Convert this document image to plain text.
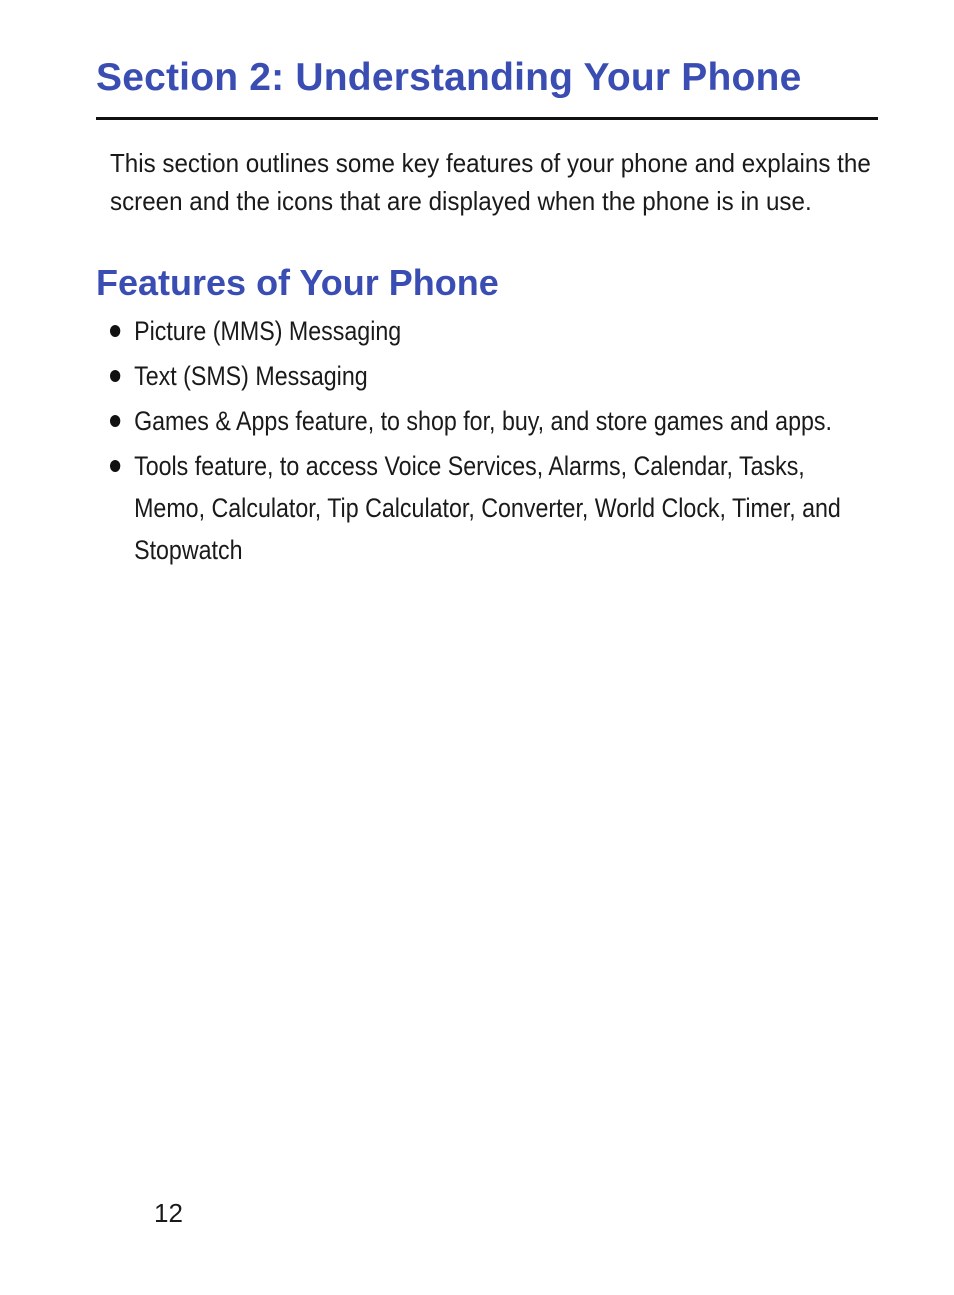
Section 2: Understanding Your Phone

This section outlines some key features of your phone and explains the screen and the icons that are displayed when the phone is in use.

Features of Your Phone
Picture (MMS) Messaging
Text (SMS) Messaging
Games & Apps feature, to shop for, buy, and store games and apps.
Tools feature, to access Voice Services, Alarms, Calendar, Tasks, Memo, Calculator, Tip Calculator, Converter, World Clock, Timer, and Stopwatch
12
